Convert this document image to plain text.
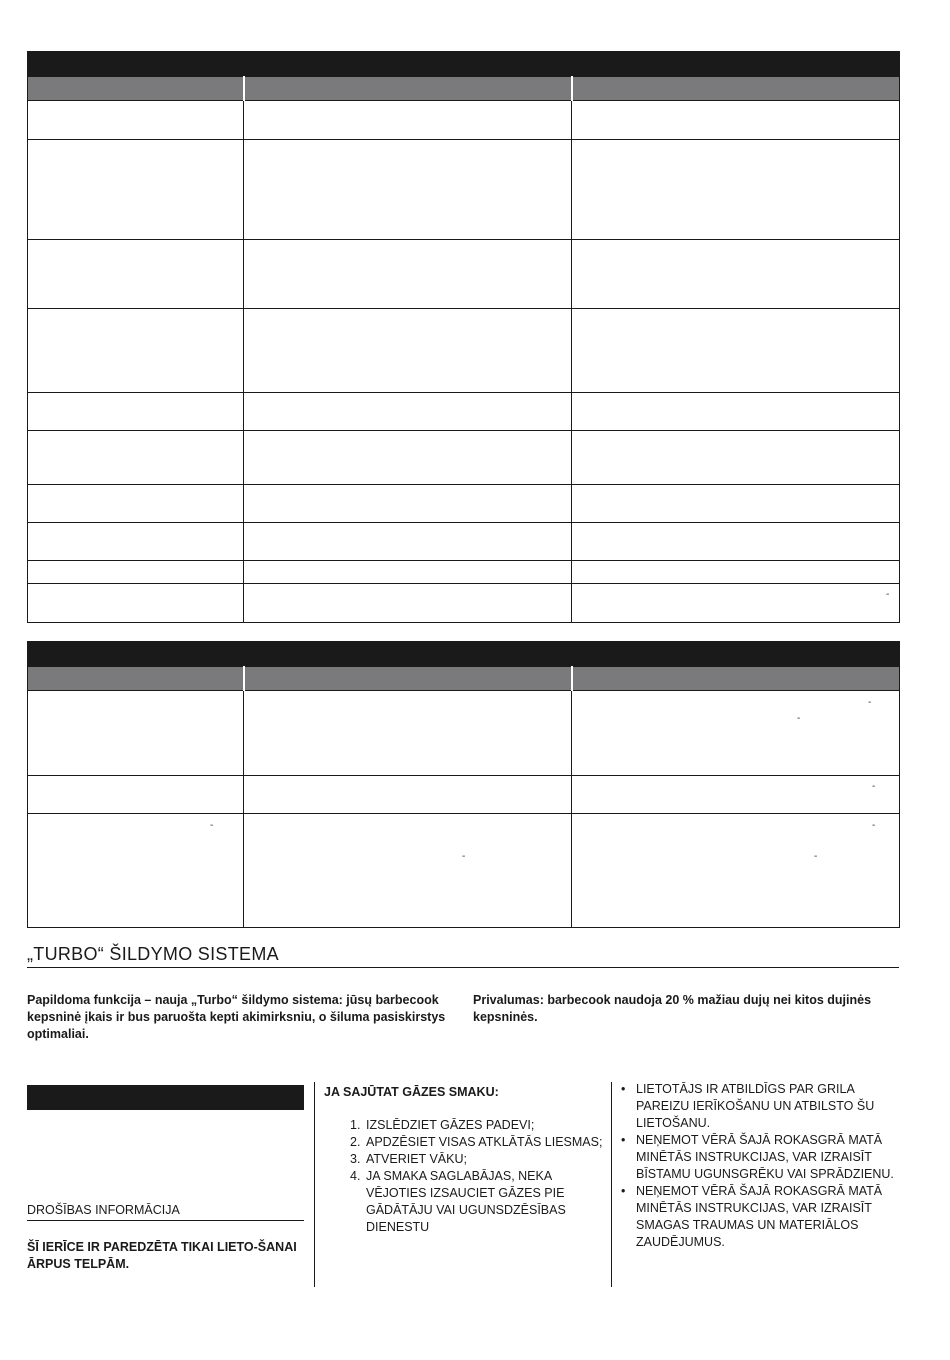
-

-
-
-
-	-
-	-
„TURBO“ ŠILDYMO SISTEMA
Papildoma funkcija – nauja „Turbo“ šildymo sistema: jūsų barbecook kepsninė įkais ir bus paruošta kepti akimirksniu, o šiluma pasiskirstys optimaliai.
Privalumas: barbecook naudoja 20 % mažiau dujų nei kitos dujinės kepsninės.
DROŠĪBAS INFORMĀCIJA
ŠĪ IERĪCE IR PAREDZĒTA TIKAI LIETO-ŠANAI ĀRPUS TELPĀM.
JA SAJŪTAT GĀZES SMAKU:
1. IZSLĒDZIET GĀZES PADEVI;
2. APDZĒSIET VISAS ATKLĀTĀS LIESMAS;
3. ATVERIET VĀKU;
4. JA SMAKA SAGLABĀJAS, NEKA VĒJOTIES IZSAUCIET GĀZES PIE GĀDĀTĀJU VAI UGUNSDZĒSĪBAS DIENESTU
• LIETOTĀJS IR ATBILDĪGS PAR GRILA PAREIZU IERĪKOŠANU UN ATBILSTO ŠU LIETOŠANU.
• NEŅEMOT VĒRĀ ŠAJĀ ROKASGRĀ MATĀ MINĒTĀS INSTRUKCIJAS, VAR IZRAISĪT BĪSTAMU UGUNSGRĒKU VAI SPRĀDZIENU.
• NEŅEMOT VĒRĀ ŠAJĀ ROKASGRĀ MATĀ MINĒTĀS INSTRUKCIJAS, VAR IZRAISĪT SMAGAS TRAUMAS UN MATERIĀLOS ZAUDĒJUMUS.
